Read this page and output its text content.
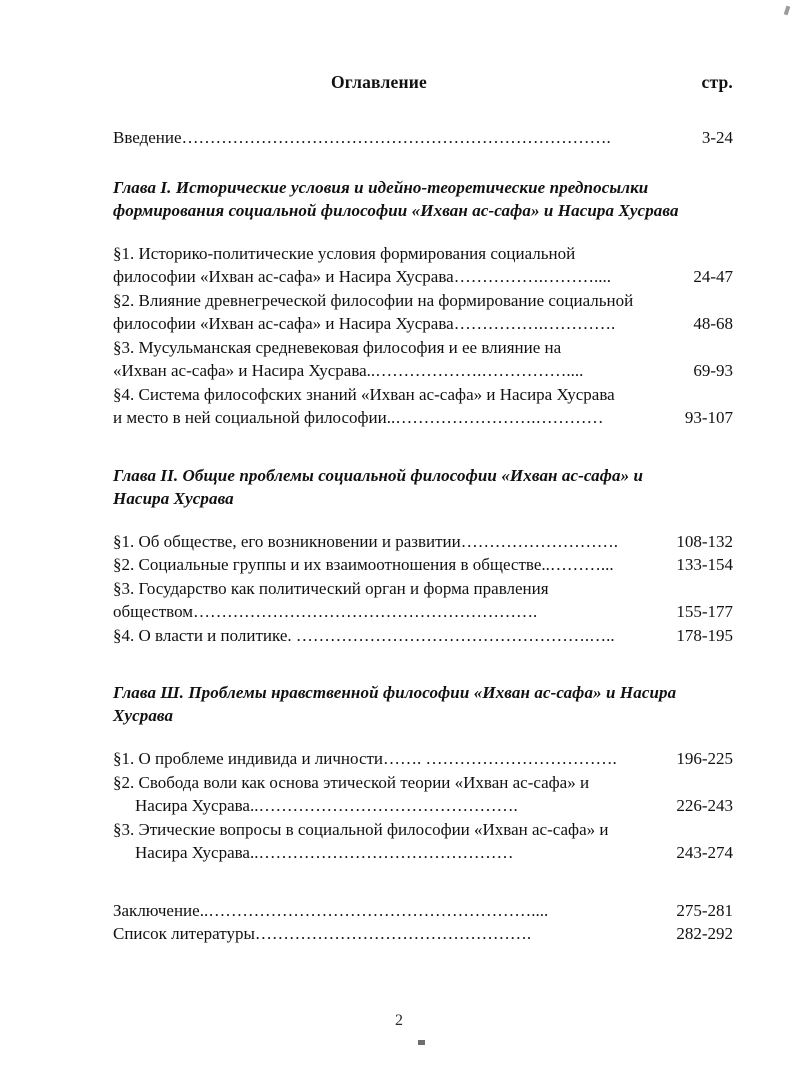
Оглавление	стр.
Введение………………………………………………………………….	3-24
Глава I. Исторические условия и идейно-теоретические предпосылки
формирования социальной философии «Ихван ас-сафа» и Насира Хусрава
§1. Историко-политические условия формирования социальной
философии «Ихван ас-сафа» и Насира Хусрава…………….………....	24-47
§2. Влияние древнегреческой философии на формирование социальной
философии «Ихван ас-сафа» и Насира Хусрава…………….………….	48-68
§3. Мусульманская средневековая философия и ее влияние на
«Ихван ас-сафа» и Насира Хусрава..……………….……………....	69-93
§4. Система философских знаний «Ихван ас-сафа» и Насира Хусрава
и место в ней социальной философии..…………………….…………	93-107
Глава II. Общие проблемы социальной философии «Ихван ас-сафа» и
Насира Хусрава
§1. Об обществе, его возникновении и развитии……………………….	108-132
§2. Социальные группы и их взаимоотношения в обществе..………...	133-154
§3. Государство как политический орган и форма правления
обществом…………………………………………………….	155-177
§4. О власти и политике. …………………………………………….…..	178-195
Глава Ш. Проблемы нравственной философии «Ихван ас-сафа» и Насира
Хусрава
§1. О проблеме индивида и личности……. …………………………….	196-225
§2. Свобода воли как основа этической теории «Ихван ас-сафа» и
Насира Хусрава..……………………………………….	226-243
§3. Этические вопросы в социальной философии «Ихван ас-сафа» и
Насира Хусрава..………………………………………	243-274
Заключение..…………………………………………………....	275-281
Список литературы………………………………………….	282-292
2
